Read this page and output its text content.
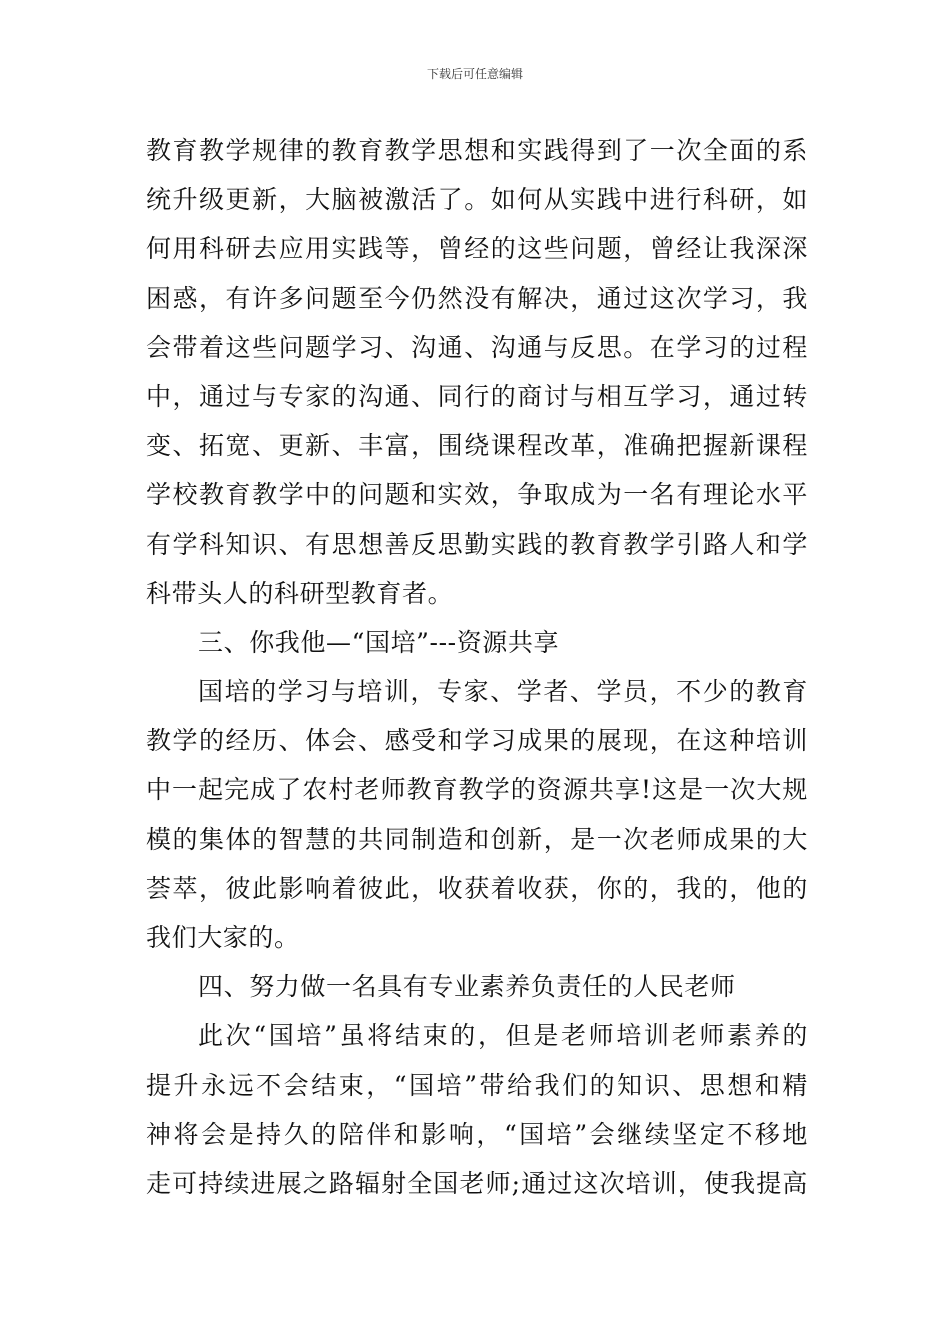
下载后可任意编辑
教育教学规律的教育教学思想和实践得到了一次全面的系
统升级更新，大脑被激活了。如何从实践中进行科研，如
何用科研去应用实践等，曾经的这些问题，曾经让我深深
困惑，有许多问题至今仍然没有解决，通过这次学习，我
会带着这些问题学习、沟通、沟通与反思。在学习的过程
中，通过与专家的沟通、同行的商讨与相互学习，通过转
变、拓宽、更新、丰富，围绕课程改革，准确把握新课程
学校教育教学中的问题和实效，争取成为一名有理论水平
有学科知识、有思想善反思勤实践的教育教学引路人和学
科带头人的科研型教育者。
三、你我他—“国培”---资源共享
国培的学习与培训，专家、学者、学员，不少的教育
教学的经历、体会、感受和学习成果的展现，在这种培训
中一起完成了农村老师教育教学的资源共享!这是一次大规
模的集体的智慧的共同制造和创新，是一次老师成果的大
荟萃，彼此影响着彼此，收获着收获，你的，我的，他的
我们大家的。
四、努力做一名具有专业素养负责任的人民老师
此次“国培”虽将结束的，但是老师培训老师素养的
提升永远不会结束，“国培”带给我们的知识、思想和精
神将会是持久的陪伴和影响，“国培”会继续坚定不移地
走可持续进展之路辐射全国老师;通过这次培训，使我提高
